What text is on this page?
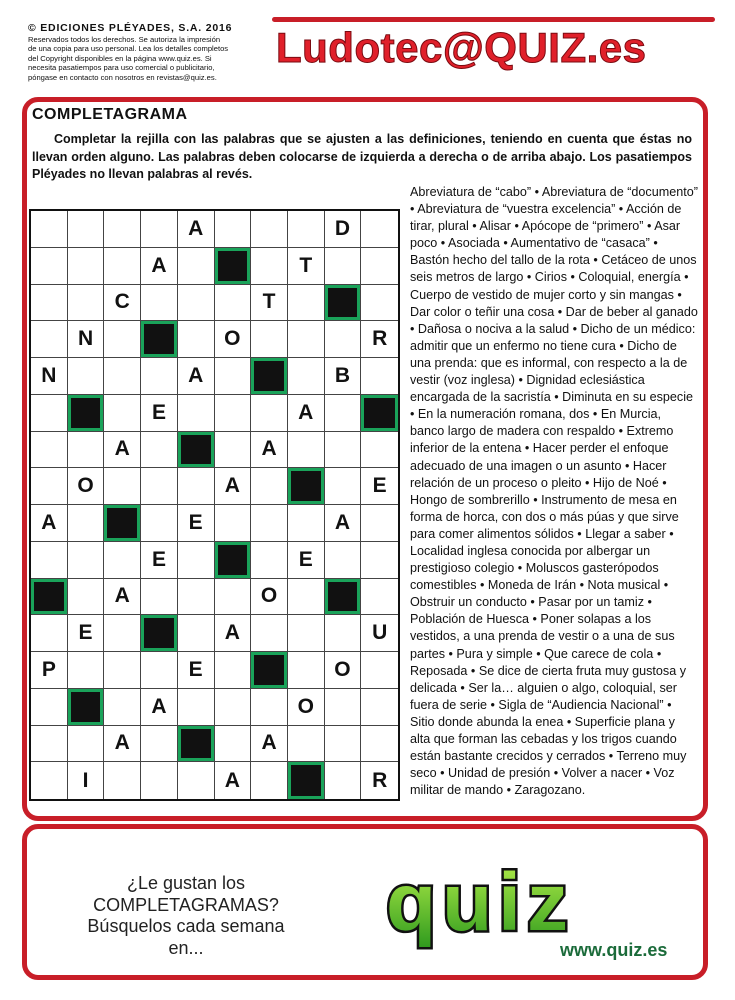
© EDICIONES PLÉYADES, S.A. 2016
Reservados todos los derechos. Se autoriza la impresión
de una copia para uso personal. Lea los detalles completos
del Copyright disponibles en la página www.quiz.es. Si
necesita pasatiempos para uso comercial o publicitario,
póngase en contacto con nosotros en revistas@quiz.es.
Ludotec@QUIZ.es
COMPLETAGRAMA
Completar la rejilla con las palabras que se ajusten a las definiciones, teniendo en cuenta que éstas no llevan orden alguno. Las palabras deben colocarse de izquierda a derecha o de arriba abajo. Los pasatiempos Pléyades no llevan palabras al revés.
A	D
A	T
C	T
N	O	R
N	A	B
E	A
A	A
O	A	E
A	E	A
E	E
A	O
E	A	U
P	E	O
A	O
A	A
I	A	R
Abreviatura de “cabo” • Abreviatura de “documento” • Abreviatura de “vuestra excelencia” • Acción de tirar, plural • Alisar • Apócope de “primero” • Asar poco • Asociada • Aumentativo de “casaca” • Bastón hecho del tallo de la rota • Cetáceo de unos seis metros de largo • Cirios • Coloquial, energía • Cuerpo de vestido de mujer corto y sin mangas • Dar color o teñir una cosa • Dar de beber al ganado • Dañosa o nociva a la salud • Dicho de un médico: admitir que un enfermo no tiene cura • Dicho de una prenda: que es informal, con respecto a la de vestir (voz inglesa) • Dignidad eclesiástica encargada de la sacristía • Diminuta en su especie • En la numeración romana, dos • En Murcia, banco largo de madera con respaldo • Extremo inferior de la entena • Hacer perder el enfoque adecuado de una imagen o un asunto • Hacer relación de un proceso o pleito • Hijo de Noé • Hongo de sombrerillo • Instrumento de mesa en forma de horca, con dos o más púas y que sirve para comer alimentos sólidos • Llegar a saber • Localidad inglesa conocida por albergar un prestigioso colegio • Moluscos gasterópodos comestibles • Moneda de Irán • Nota musical • Obstruir un conducto • Pasar por un tamiz • Población de Huesca • Poner solapas a los vestidos, a una prenda de vestir o a una de sus partes • Pura y simple • Que carece de cola • Reposada • Se dice de cierta fruta muy gustosa y delicada • Ser la… alguien o algo, coloquial, ser fuera de serie • Sigla de “Audiencia Nacional” • Sitio donde abunda la enea • Superficie plana y alta que forman las cebadas y los trigos cuando están bastante crecidos y cerrados • Terreno muy seco • Unidad de presión • Volver a nacer • Voz militar de mando • Zaragozano.
¿Le gustan los
COMPLETAGRAMAS?
Búsquelos cada semana en...	quiz
www.quiz.es
